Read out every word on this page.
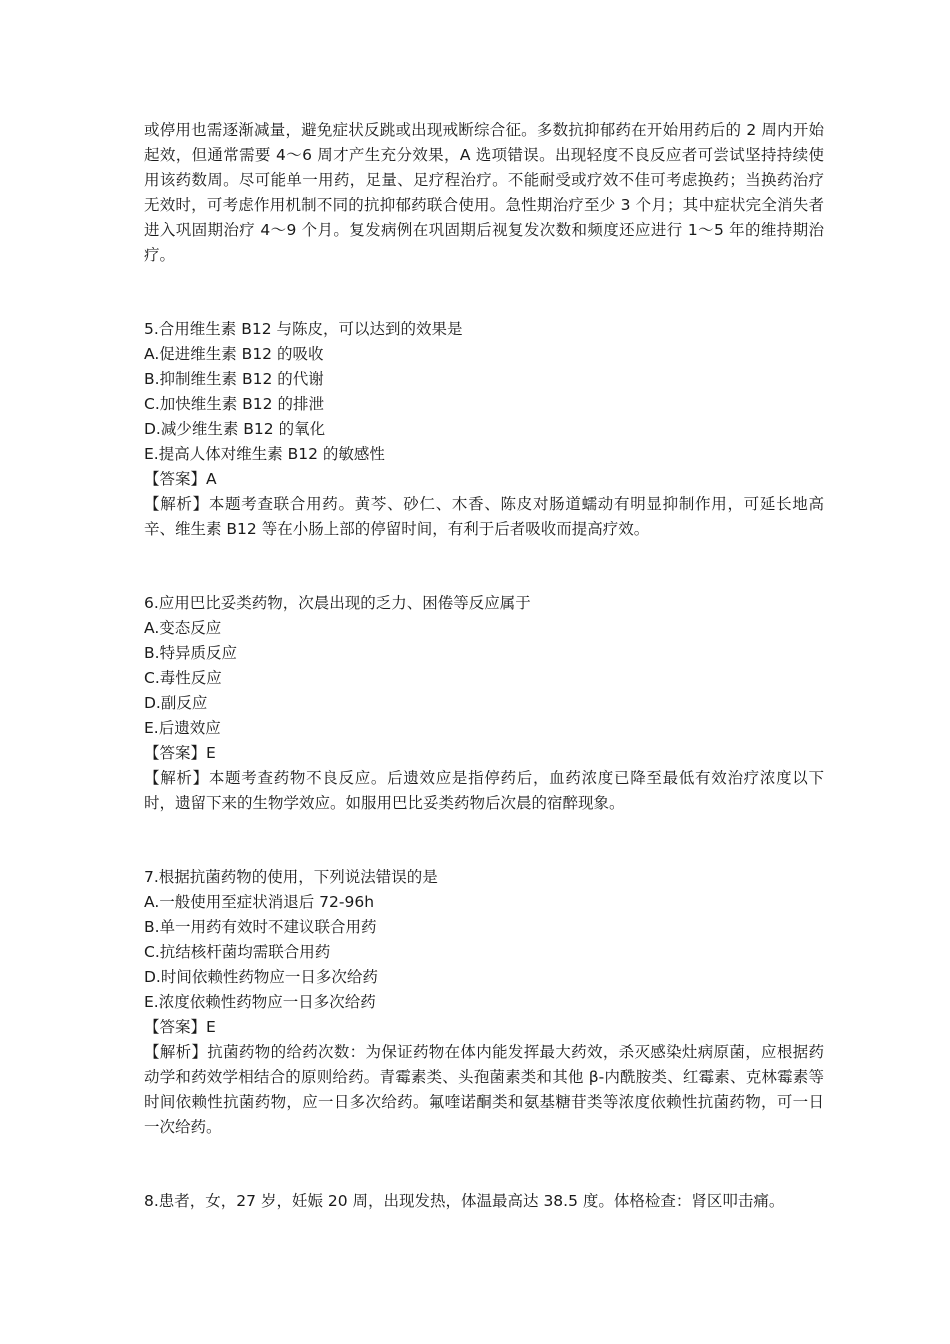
或停用也需逐渐减量，避免症状反跳或出现戒断综合征。多数抗抑郁药在开始用药后的 2 周内开始起效，但通常需要 4～6 周才产生充分效果，A 选项错误。出现轻度不良反应者可尝试坚持持续使用该药数周。尽可能单一用药，足量、足疗程治疗。不能耐受或疗效不佳可考虑换药；当换药治疗无效时，可考虑作用机制不同的抗抑郁药联合使用。急性期治疗至少 3 个月；其中症状完全消失者进入巩固期治疗 4～9 个月。复发病例在巩固期后视复发次数和频度还应进行 1～5 年的维持期治疗。

5.合用维生素 B12 与陈皮，可以达到的效果是

A.促进维生素 B12 的吸收

B.抑制维生素 B12 的代谢

C.加快维生素 B12 的排泄

D.减少维生素 B12 的氧化

E.提高人体对维生素 B12 的敏感性

【答案】A

【解析】本题考查联合用药。黄芩、砂仁、木香、陈皮对肠道蠕动有明显抑制作用，可延长地高辛、维生素 B12 等在小肠上部的停留时间，有利于后者吸收而提高疗效。

6.应用巴比妥类药物，次晨出现的乏力、困倦等反应属于

A.变态反应

B.特异质反应

C.毒性反应

D.副反应

E.后遗效应

【答案】E

【解析】本题考查药物不良反应。后遗效应是指停药后，血药浓度已降至最低有效治疗浓度以下时，遗留下来的生物学效应。如服用巴比妥类药物后次晨的宿醉现象。

7.根据抗菌药物的使用，下列说法错误的是

A.一般使用至症状消退后 72-96h

B.单一用药有效时不建议联合用药

C.抗结核杆菌均需联合用药

D.时间依赖性药物应一日多次给药

E.浓度依赖性药物应一日多次给药

【答案】E

【解析】抗菌药物的给药次数：为保证药物在体内能发挥最大药效，杀灭感染灶病原菌，应根据药动学和药效学相结合的原则给药。青霉素类、头孢菌素类和其他 β-内酰胺类、红霉素、克林霉素等时间依赖性抗菌药物，应一日多次给药。氟喹诺酮类和氨基糖苷类等浓度依赖性抗菌药物，可一日一次给药。

8.患者，女，27 岁，妊娠 20 周，出现发热，体温最高达 38.5 度。体格检查：肾区叩击痛。
